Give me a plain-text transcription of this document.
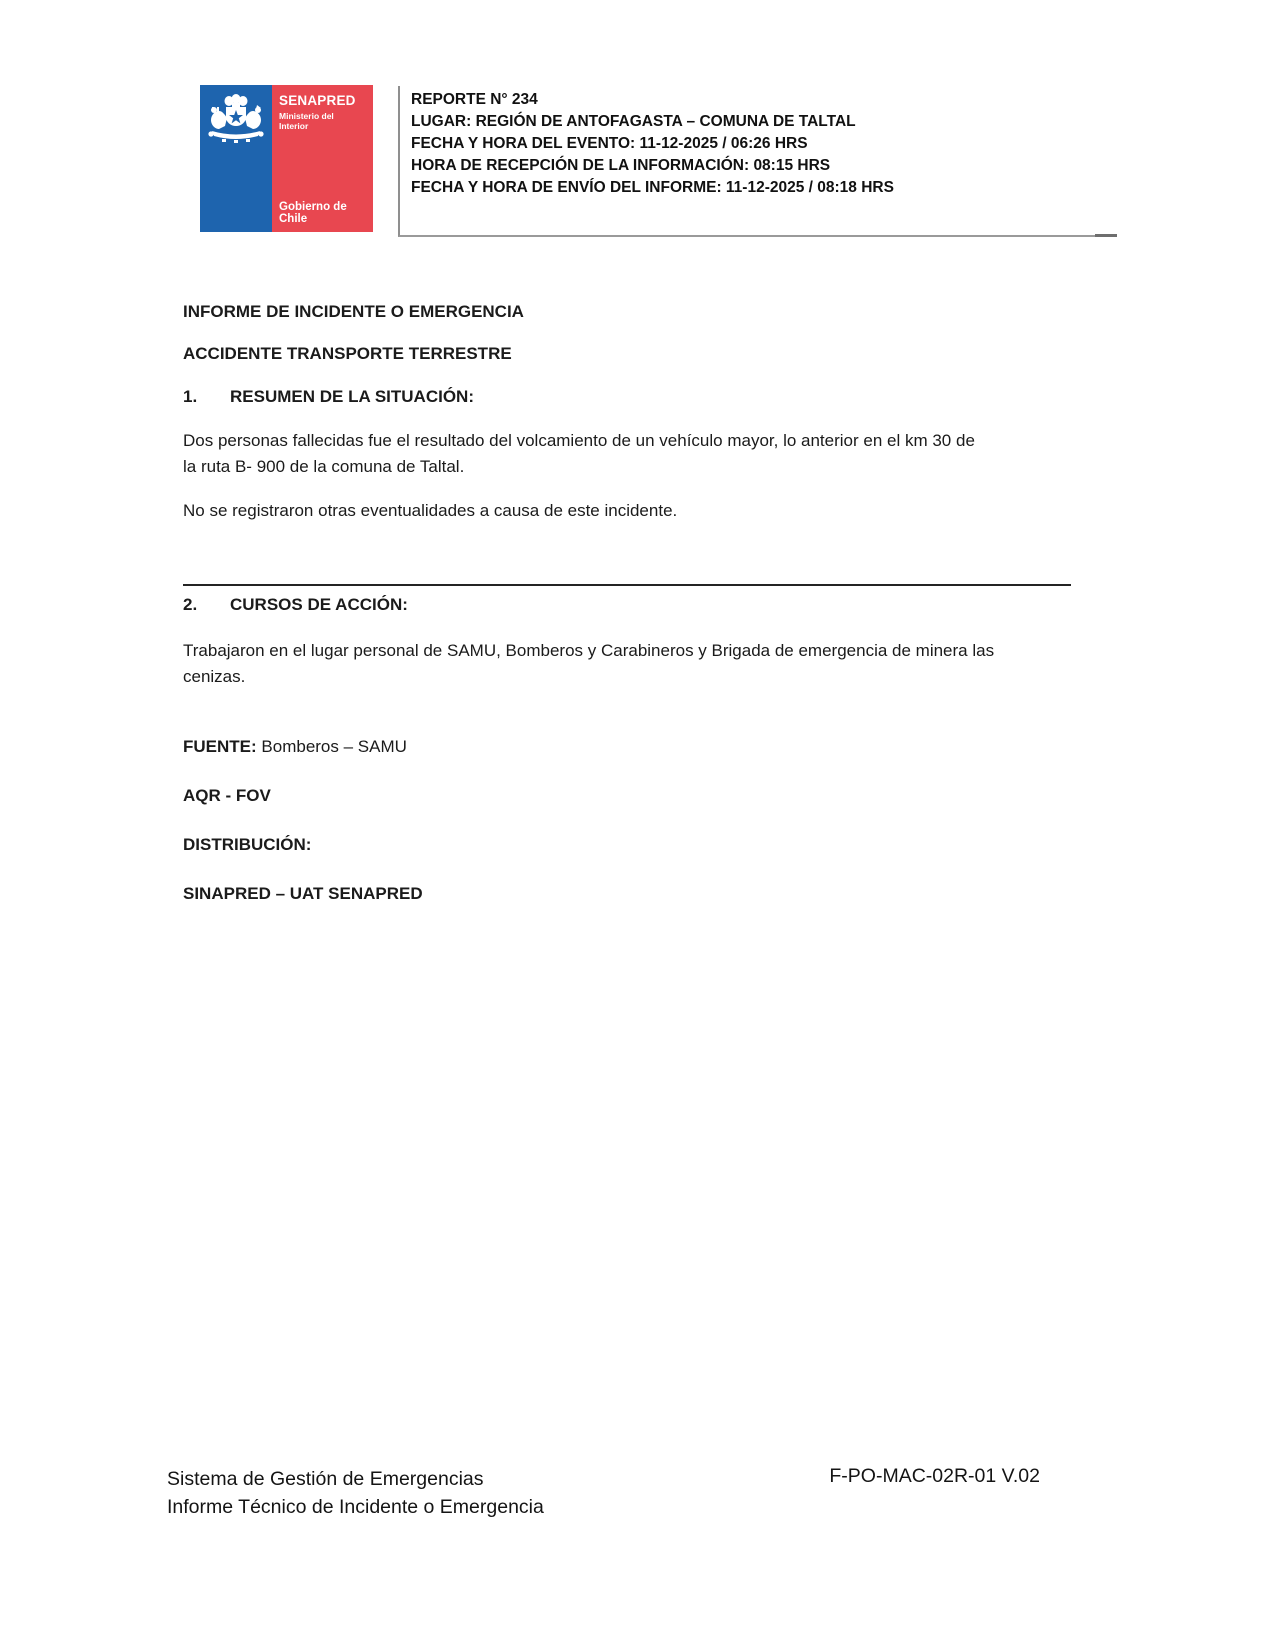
SENAPRED
Ministerio del
Interior
Gobierno de Chile
REPORTE N° 234
LUGAR: REGIÓN DE ANTOFAGASTA – COMUNA DE TALTAL
FECHA Y HORA DEL EVENTO: 11-12-2025 / 06:26 HRS
HORA DE RECEPCIÓN DE LA INFORMACIÓN: 08:15 HRS
FECHA Y HORA DE ENVÍO DEL INFORME: 11-12-2025 / 08:18 HRS
INFORME DE INCIDENTE O EMERGENCIA
ACCIDENTE TRANSPORTE TERRESTRE
1.	RESUMEN DE LA SITUACIÓN:
Dos personas fallecidas fue el resultado del volcamiento de un vehículo mayor, lo anterior en el km 30 de
la ruta B- 900 de la comuna de Taltal.
No se registraron otras eventualidades a causa de este incidente.
2.	CURSOS DE ACCIÓN:
Trabajaron en el lugar personal de SAMU, Bomberos y Carabineros y Brigada de emergencia de minera las
cenizas.
FUENTE: Bomberos – SAMU
AQR - FOV
DISTRIBUCIÓN:
SINAPRED – UAT SENAPRED
Sistema de Gestión de Emergencias
Informe Técnico de Incidente o Emergencia
F-PO-MAC-02R-01 V.02
